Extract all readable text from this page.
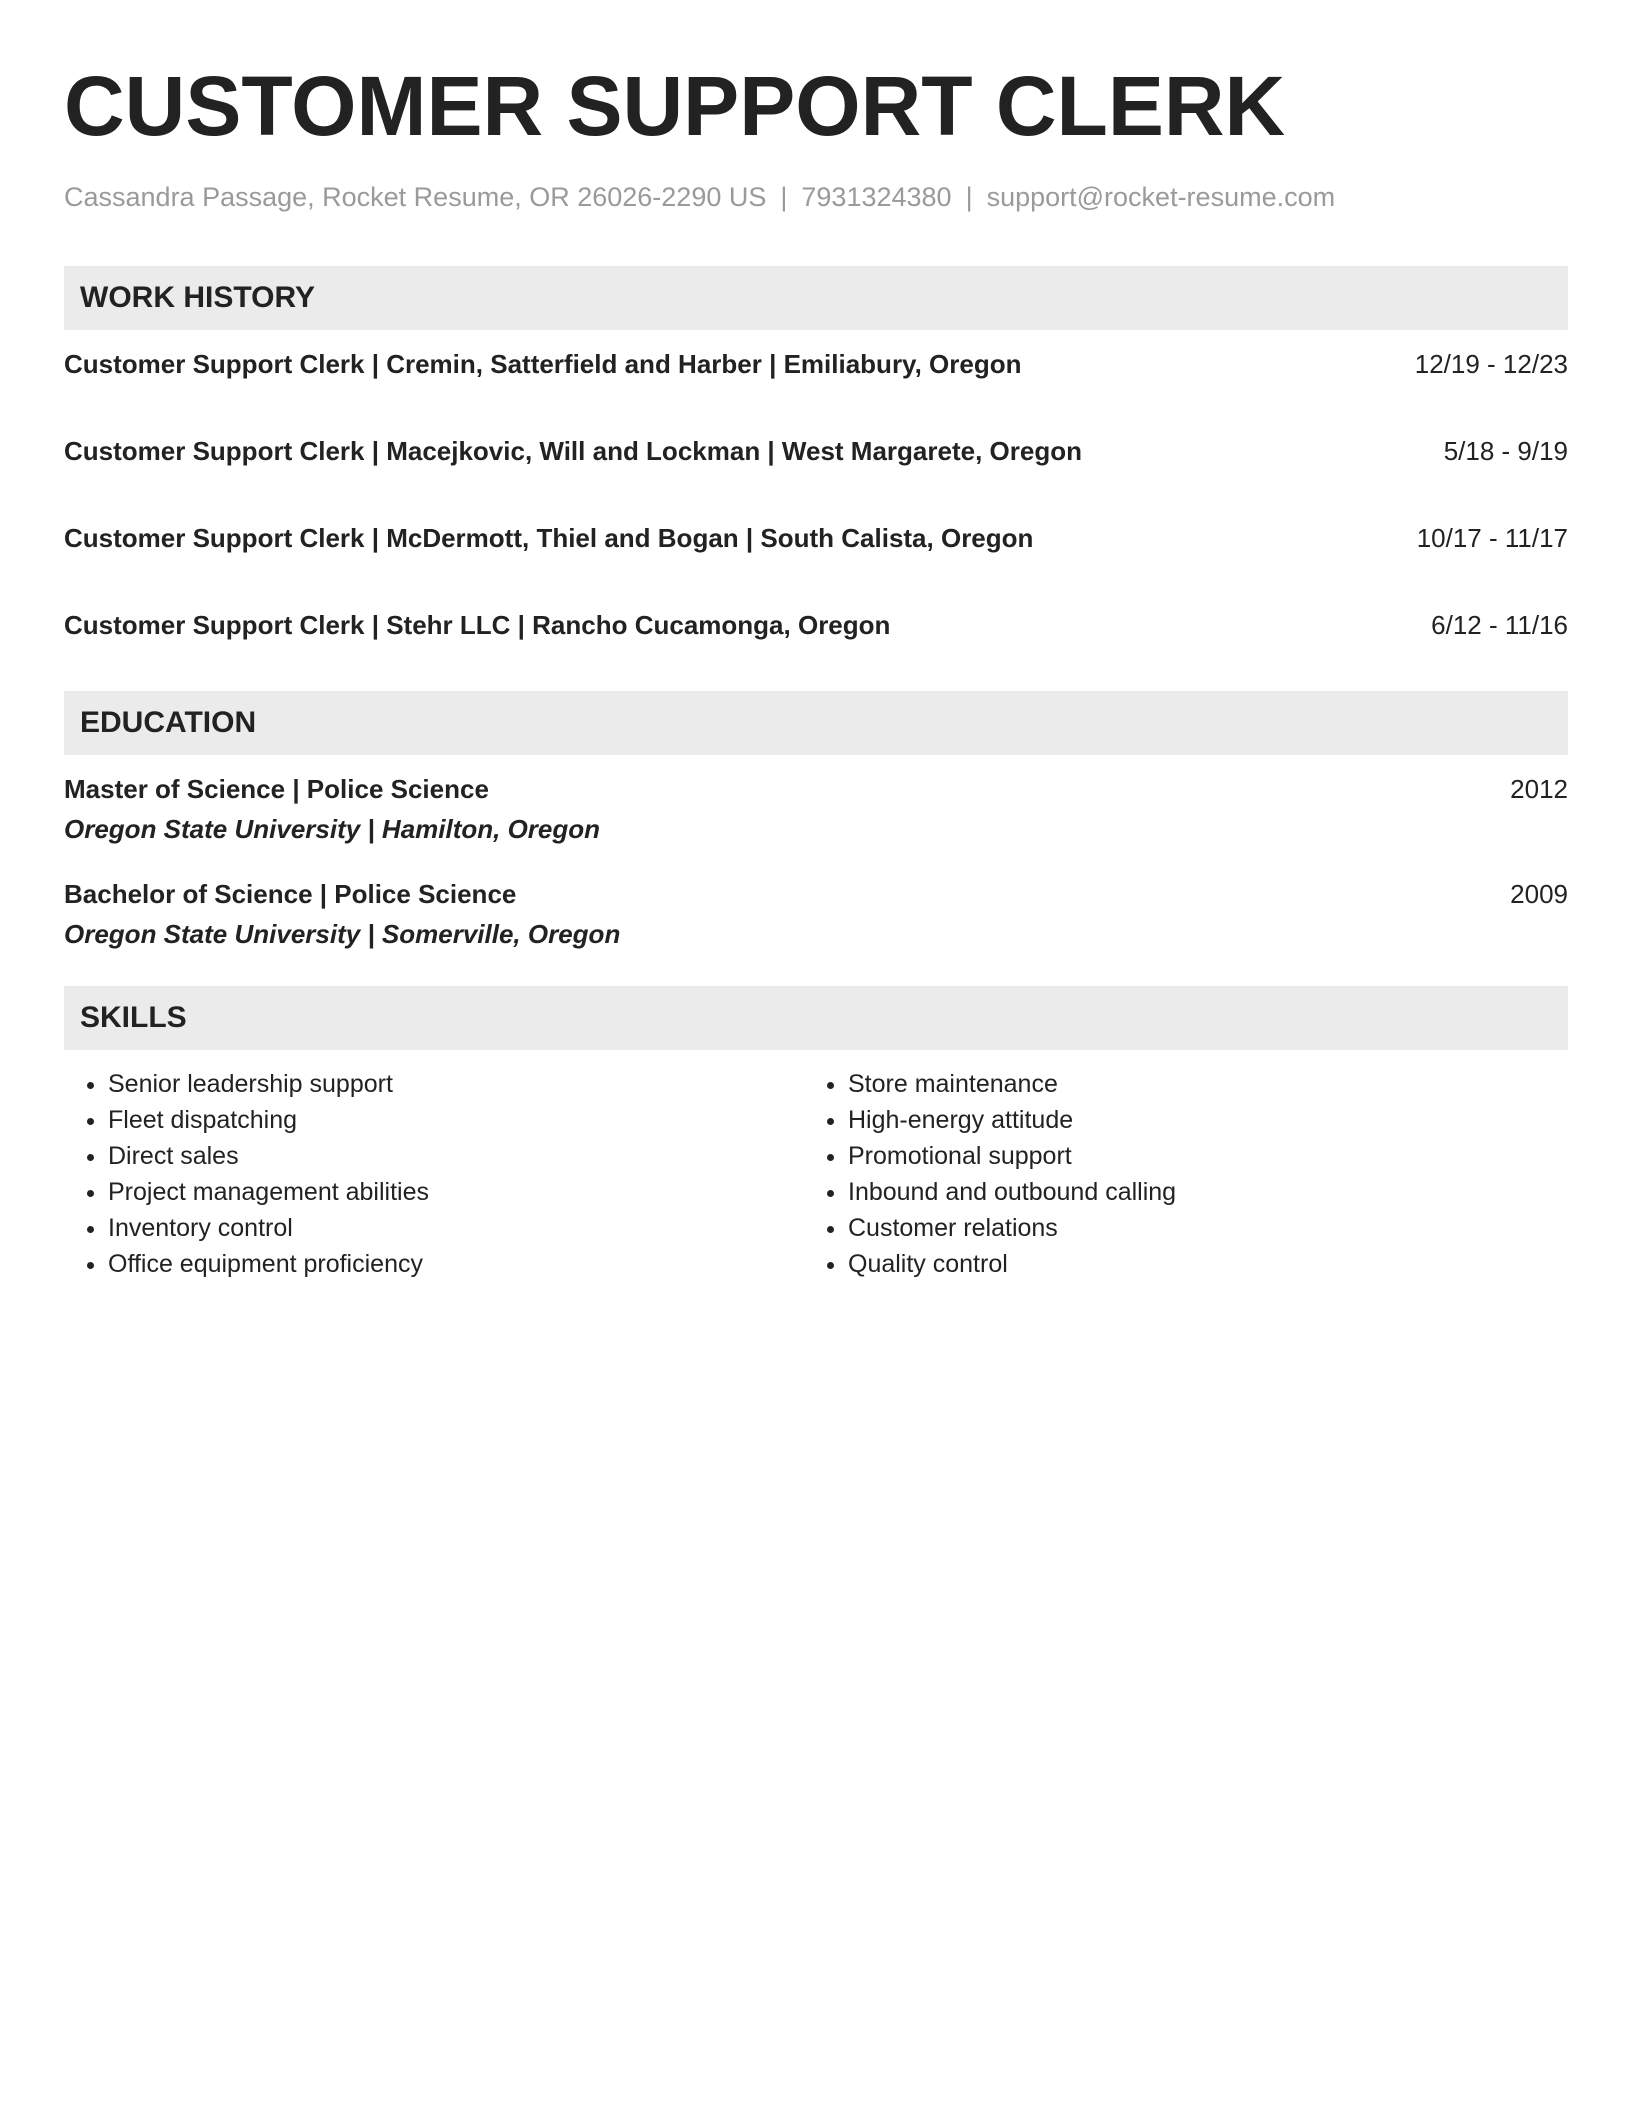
CUSTOMER SUPPORT CLERK
Cassandra Passage, Rocket Resume, OR 26026-2290 US | 7931324380 | support@rocket-resume.com
WORK HISTORY
Customer Support Clerk | Cremin, Satterfield and Harber | Emiliabury, Oregon	12/19 - 12/23
Customer Support Clerk | Macejkovic, Will and Lockman | West Margarete, Oregon	5/18 - 9/19
Customer Support Clerk | McDermott, Thiel and Bogan | South Calista, Oregon	10/17 - 11/17
Customer Support Clerk | Stehr LLC | Rancho Cucamonga, Oregon	6/12 - 11/16
EDUCATION
Master of Science | Police Science	2012
Oregon State University | Hamilton, Oregon
Bachelor of Science | Police Science	2009
Oregon State University | Somerville, Oregon
SKILLS
• Senior leadership support
• Fleet dispatching
• Direct sales
• Project management abilities
• Inventory control
• Office equipment proficiency
• Store maintenance
• High-energy attitude
• Promotional support
• Inbound and outbound calling
• Customer relations
• Quality control
